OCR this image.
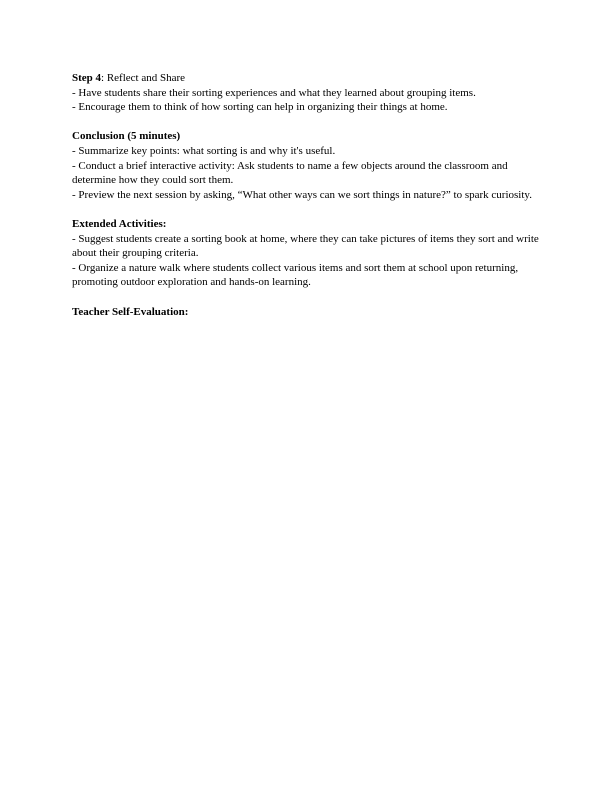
Step 4: Reflect and Share

- Have students share their sorting experiences and what they learned about grouping items.

- Encourage them to think of how sorting can help in organizing their things at home.

Conclusion (5 minutes)

- Summarize key points: what sorting is and why it's useful.

- Conduct a brief interactive activity: Ask students to name a few objects around the classroom and determine how they could sort them.

- Preview the next session by asking, “What other ways can we sort things in nature?” to spark curiosity.

Extended Activities:

- Suggest students create a sorting book at home, where they can take pictures of items they sort and write about their grouping criteria.

- Organize a nature walk where students collect various items and sort them at school upon returning, promoting outdoor exploration and hands-on learning.

Teacher Self-Evaluation:
